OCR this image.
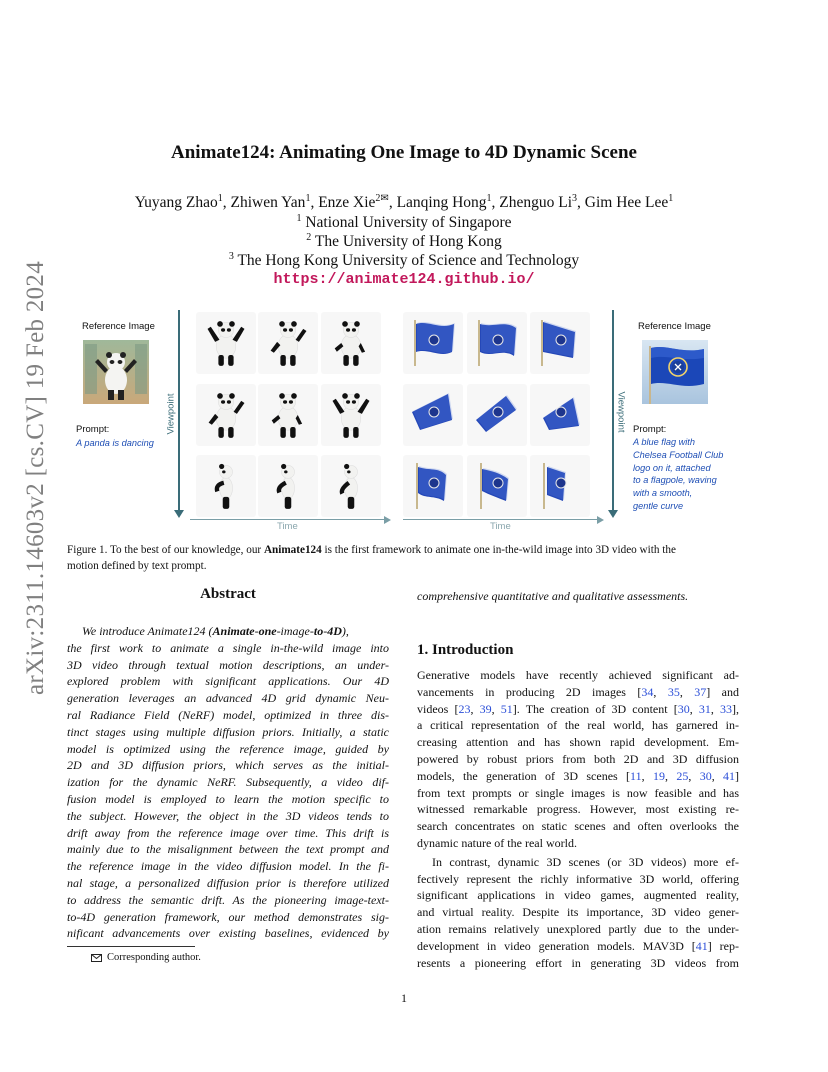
arXiv:2311.14603v2 [cs.CV] 19 Feb 2024
Animate124: Animating One Image to 4D Dynamic Scene
Yuyang Zhao$^1$, Zhiwen Yan$^1$, Enze Xie$^{2✉}$, Lanqing Hong$^1$, Zhenguo Li$^3$, Gim Hee Lee$^1$
$^1$ National University of Singapore
$^2$ The University of Hong Kong
$^3$ The Hong Kong University of Science and Technology
https://animate124.github.io/
Reference Image
Prompt:
A panda is dancing
Viewpoint
Time	Time
Viewpoint
Reference Image
Prompt:
A blue flag with
Chelsea Football Club
logo on it, attached
to a flagpole, waving
with a smooth,
gentle curve
Figure 1. To the best of our knowledge, our Animate124 is the first framework to animate one in-the-wild image into 3D video with the
motion defined by text prompt.
Abstract
We introduce Animate124 (Animate-one-image-to-4D),
the first work to animate a single in-the-wild image into
3D video through textual motion descriptions, an under-
explored problem with significant applications. Our 4D
generation leverages an advanced 4D grid dynamic Neu-
ral Radiance Field (NeRF) model, optimized in three dis-
tinct stages using multiple diffusion priors. Initially, a static
model is optimized using the reference image, guided by
2D and 3D diffusion priors, which serves as the initial-
ization for the dynamic NeRF. Subsequently, a video dif-
fusion model is employed to learn the motion specific to
the subject. However, the object in the 3D videos tends to
drift away from the reference image over time. This drift is
mainly due to the misalignment between the text prompt and
the reference image in the video diffusion model. In the fi-
nal stage, a personalized diffusion prior is therefore utilized
to address the semantic drift. As the pioneering image-text-
to-4D generation framework, our method demonstrates sig-
nificant advancements over existing baselines, evidenced by
Corresponding author.
comprehensive quantitative and qualitative assessments.
1. Introduction
Generative models have recently achieved significant ad-
vancements in producing 2D images [34, 35, 37] and
videos [23, 39, 51]. The creation of 3D content [30, 31, 33],
a critical representation of the real world, has garnered in-
creasing attention and has shown rapid development. Em-
powered by robust priors from both 2D and 3D diffusion
models, the generation of 3D scenes [11, 19, 25, 30, 41]
from text prompts or single images is now feasible and has
witnessed remarkable progress. However, most existing re-
search concentrates on static scenes and often overlooks the
dynamic nature of the real world.
In contrast, dynamic 3D scenes (or 3D videos) more ef-
fectively represent the richly informative 3D world, offering
significant applications in video games, augmented reality,
and virtual reality. Despite its importance, 3D video gener-
ation remains relatively unexplored partly due to the under-
development in video generation models. MAV3D [41] rep-
resents a pioneering effort in generating 3D videos from
1
